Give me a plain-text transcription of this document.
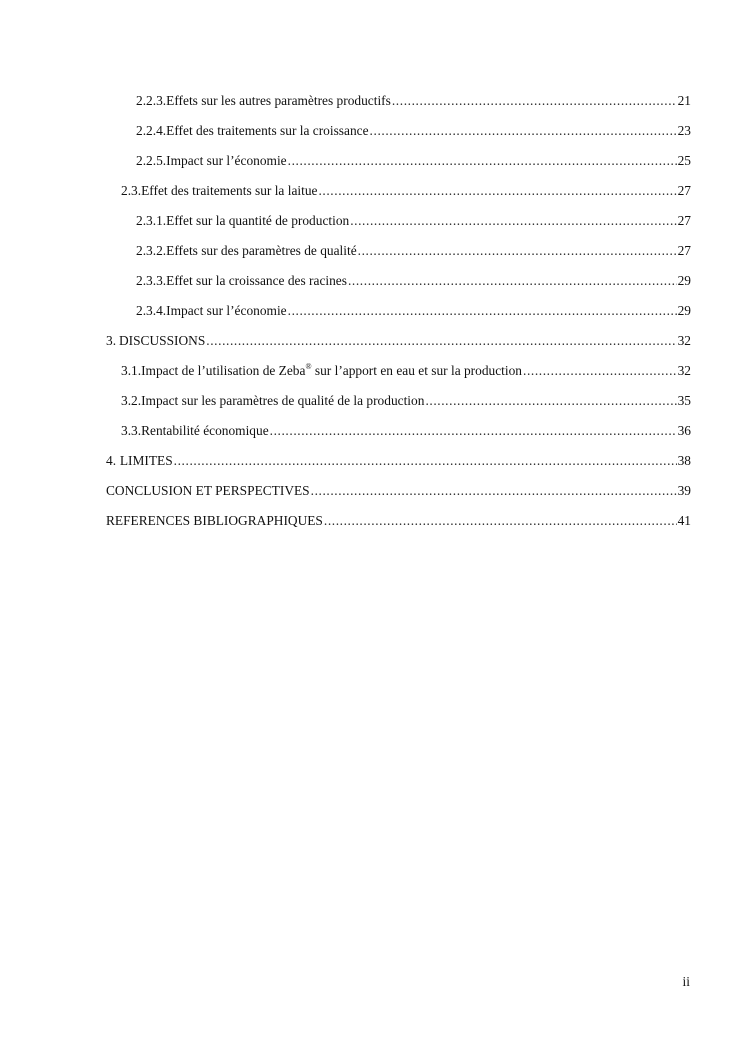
2.2.3. Effets sur les autres paramètres productifs .....	21
2.2.4. Effet des traitements sur la croissance .....	23
2.2.5. Impact sur l’économie .....	25
2.3. Effet des traitements sur la laitue .....	27
2.3.1. Effet sur la quantité de production .....	27
2.3.2. Effets sur des paramètres de qualité .....	27
2.3.3. Effet sur la croissance des racines .....	29
2.3.4. Impact sur l’économie .....	29
3. DISCUSSIONS .....	32
3.1. Impact de l’utilisation de Zeba® sur l’apport en eau et sur la production .....	32
3.2. Impact sur les paramètres de qualité de la production .....	35
3.3. Rentabilité économique .....	36
4. LIMITES .....	38
CONCLUSION ET PERSPECTIVES .....	39
REFERENCES BIBLIOGRAPHIQUES .....	41
ii
